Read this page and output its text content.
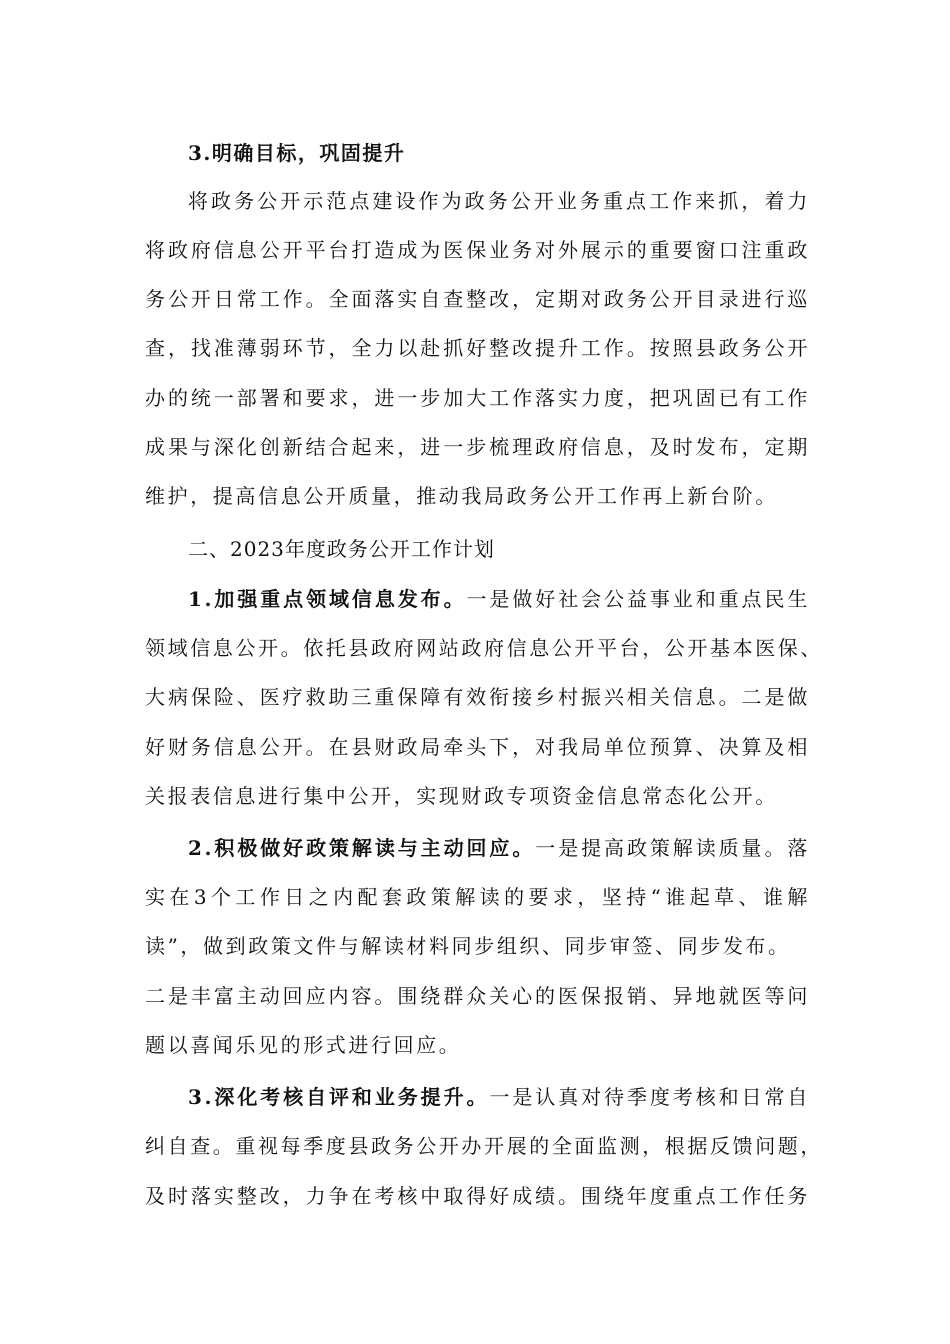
3.明确目标，巩固提升
将政务公开示范点建设作为政务公开业务重点工作来抓，着力
将政府信息公开平台打造成为医保业务对外展示的重要窗口注重政
务公开日常工作。全面落实自查整改，定期对政务公开目录进行巡
查，找准薄弱环节，全力以赴抓好整改提升工作。按照县政务公开
办的统一部署和要求，进一步加大工作落实力度，把巩固已有工作
成果与深化创新结合起来，进一步梳理政府信息，及时发布，定期
维护，提高信息公开质量，推动我局政务公开工作再上新台阶。
二、2023年度政务公开工作计划
1.加强重点领域信息发布。一是做好社会公益事业和重点民生
领域信息公开。依托县政府网站政府信息公开平台，公开基本医保、
大病保险、医疗救助三重保障有效衔接乡村振兴相关信息。二是做
好财务信息公开。在县财政局牵头下，对我局单位预算、决算及相
关报表信息进行集中公开，实现财政专项资金信息常态化公开。
2.积极做好政策解读与主动回应。一是提高政策解读质量。落
实在3个工作日之内配套政策解读的要求，坚持“谁起草、谁解
读”，做到政策文件与解读材料同步组织、同步审签、同步发布。
二是丰富主动回应内容。围绕群众关心的医保报销、异地就医等问
题以喜闻乐见的形式进行回应。
3.深化考核自评和业务提升。一是认真对待季度考核和日常自
纠自查。重视每季度县政务公开办开展的全面监测，根据反馈问题，
及时落实整改，力争在考核中取得好成绩。围绕年度重点工作任务
